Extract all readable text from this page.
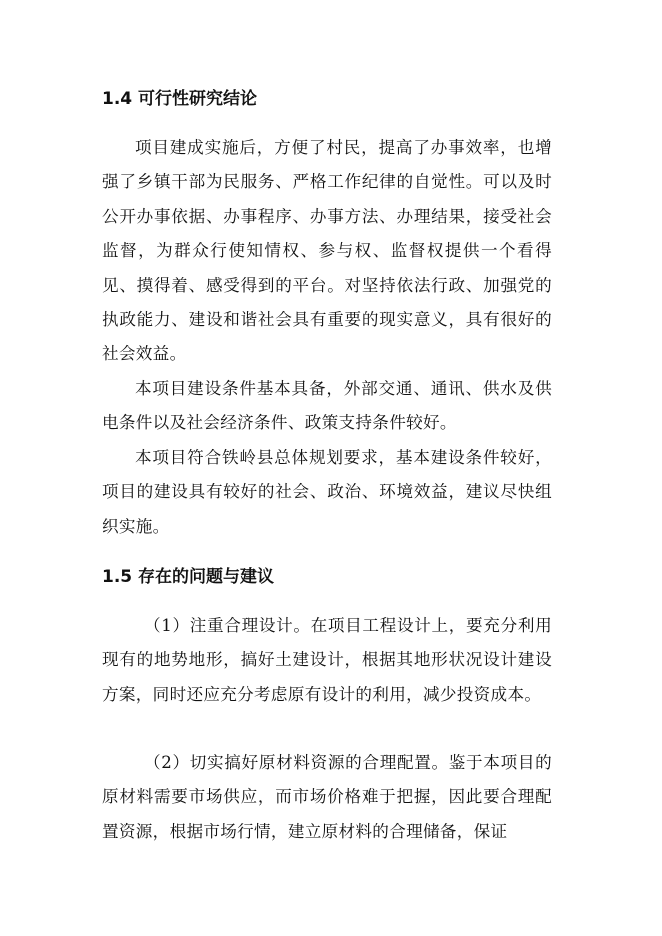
1.4 可行性研究结论

项目建成实施后，方便了村民，提高了办事效率，也增强了乡镇干部为民服务、严格工作纪律的自觉性。可以及时公开办事依据、办事程序、办事方法、办理结果，接受社会监督，为群众行使知情权、参与权、监督权提供一个看得见、摸得着、感受得到的平台。对坚持依法行政、加强党的执政能力、建设和谐社会具有重要的现实意义，具有很好的社会效益。

本项目建设条件基本具备，外部交通、通讯、供水及供电条件以及社会经济条件、政策支持条件较好。

本项目符合铁岭县总体规划要求，基本建设条件较好，项目的建设具有较好的社会、政治、环境效益，建议尽快组织实施。

1.5 存在的问题与建议

（1）注重合理设计。在项目工程设计上，要充分利用现有的地势地形，搞好土建设计，根据其地形状况设计建设方案，同时还应充分考虑原有设计的利用，减少投资成本。

（2）切实搞好原材料资源的合理配置。鉴于本项目的原材料需要市场供应，而市场价格难于把握，因此要合理配置资源，根据市场行情，建立原材料的合理储备，保证
